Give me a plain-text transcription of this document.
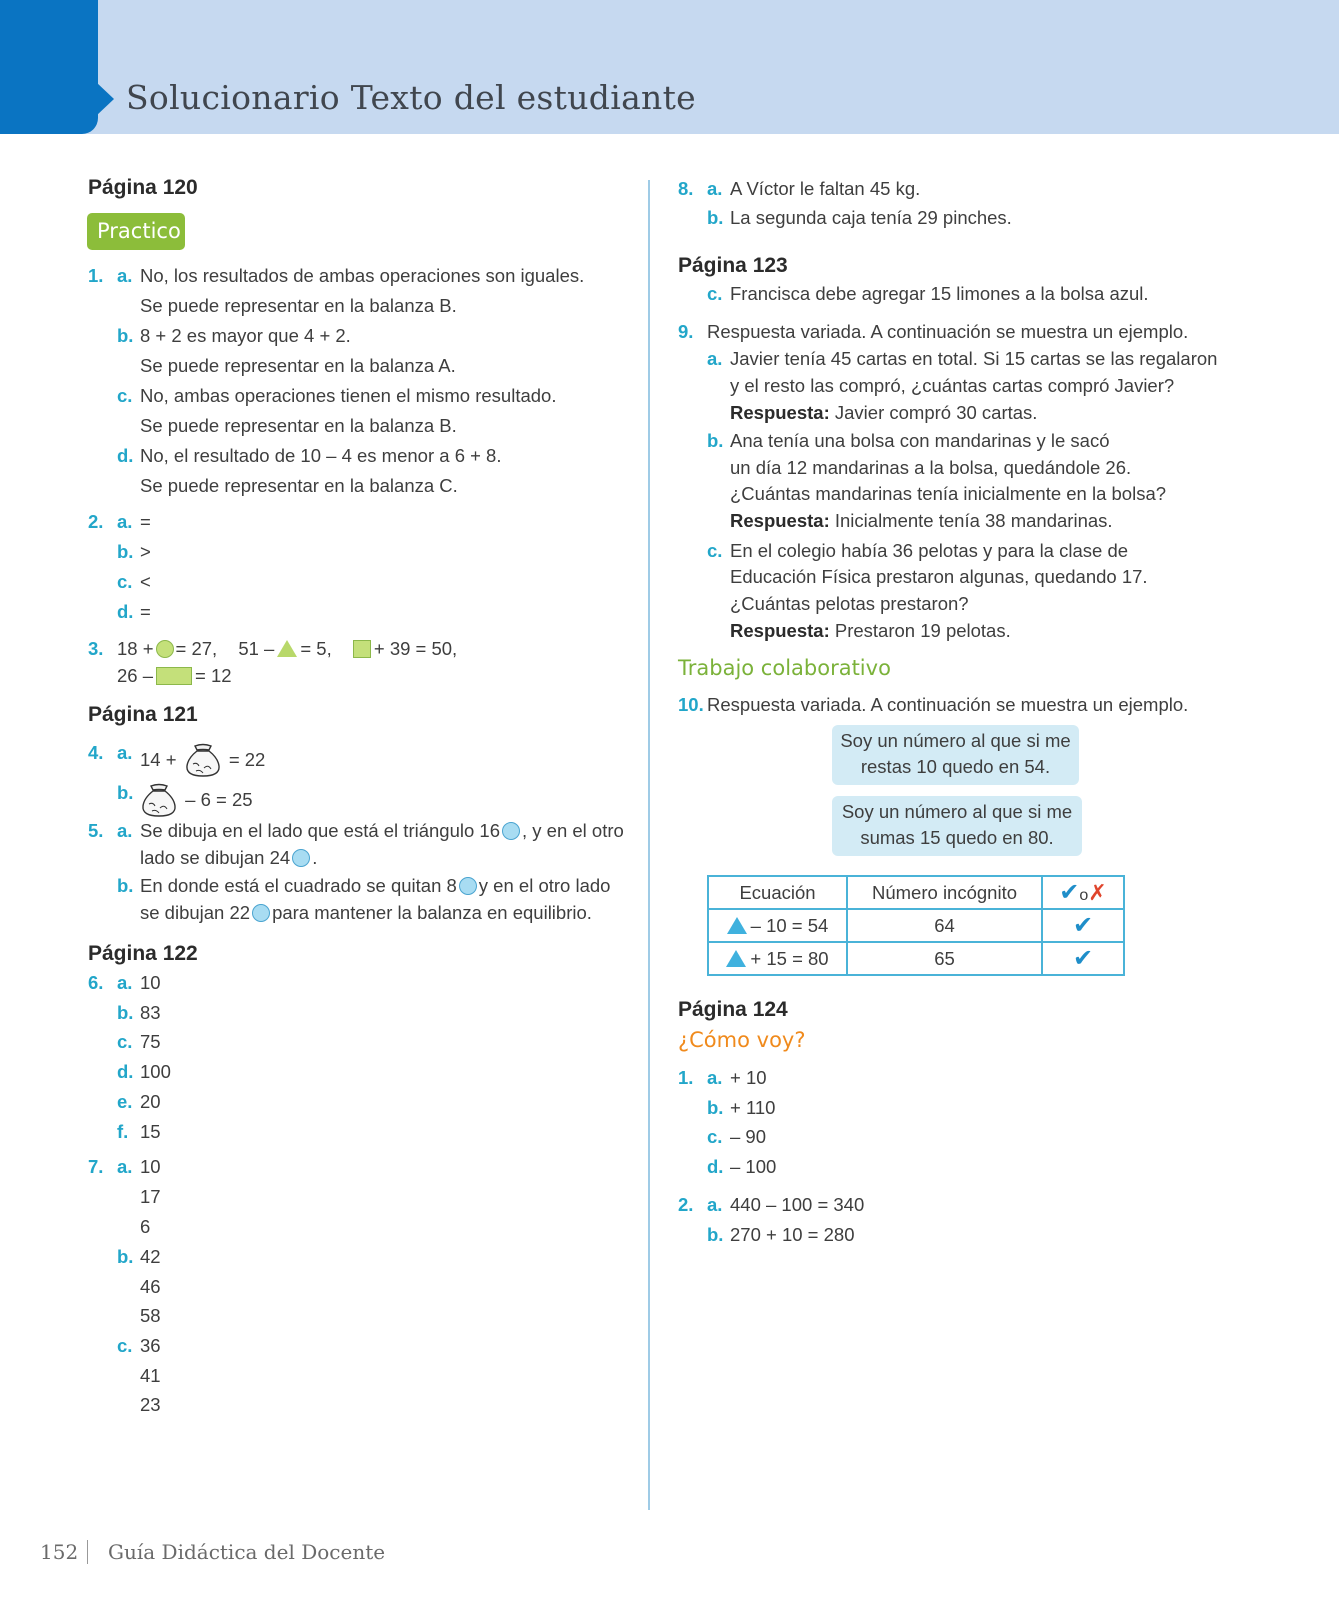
Solucionario Texto del estudiante
Página 120
Practico
1. a. No, los resultados de ambas operaciones son iguales.
Se puede representar en la balanza B.
b. 8 + 2 es mayor que 4 + 2.
Se puede representar en la balanza A.
c. No, ambas operaciones tienen el mismo resultado.
Se puede representar en la balanza B.
d. No, el resultado de 10 – 4 es menor a 6 + 8.
Se puede representar en la balanza C.
2. a. =
b. >
c. <
d. =
3. 18 + = 27, 51 – = 5, + 39 = 50,
26 – = 12
Página 121
4. a. 14 +	= 22
b.	– 6 = 25
5. a. Se dibuja en el lado que está el triángulo 16 , y en el otro
lado se dibujan 24 .
b. En donde está el cuadrado se quitan 8 y en el otro lado
se dibujan 22 para mantener la balanza en equilibrio.
Página 122
6. a. 10
b. 83
c. 75
d. 100
e. 20
f. 15
7. a. 10
17
6
b. 42
46
58
c. 36
41
23
8. a. A Víctor le faltan 45 kg.
b. La segunda caja tenía 29 pinches.
Página 123
c. Francisca debe agregar 15 limones a la bolsa azul.
9. Respuesta variada. A continuación se muestra un ejemplo.
a. Javier tenía 45 cartas en total. Si 15 cartas se las regalaron
y el resto las compró, ¿cuántas cartas compró Javier?
Respuesta: Javier compró 30 cartas.
b. Ana tenía una bolsa con mandarinas y le sacó
un día 12 mandarinas a la bolsa, quedándole 26.
¿Cuántas mandarinas tenía inicialmente en la bolsa?
Respuesta: Inicialmente tenía 38 mandarinas.
c. En el colegio había 36 pelotas y para la clase de
Educación Física prestaron algunas, quedando 17.
¿Cuántas pelotas prestaron?
Respuesta: Prestaron 19 pelotas.
Trabajo colaborativo
10. Respuesta variada. A continuación se muestra un ejemplo.
Soy un número al que si me
restas 10 quedo en 54.
Soy un número al que si me
sumas 15 quedo en 80.
Ecuación	Número incógnito	✔o✗
– 10 = 54	64	✔
+ 15 = 80	65	✔
Página 124
¿Cómo voy?
1. a. + 10
b. + 110
c. – 90
d. – 100
2. a. 440 – 100 = 340
b. 270 + 10 = 280
152 Guía Didáctica del Docente
